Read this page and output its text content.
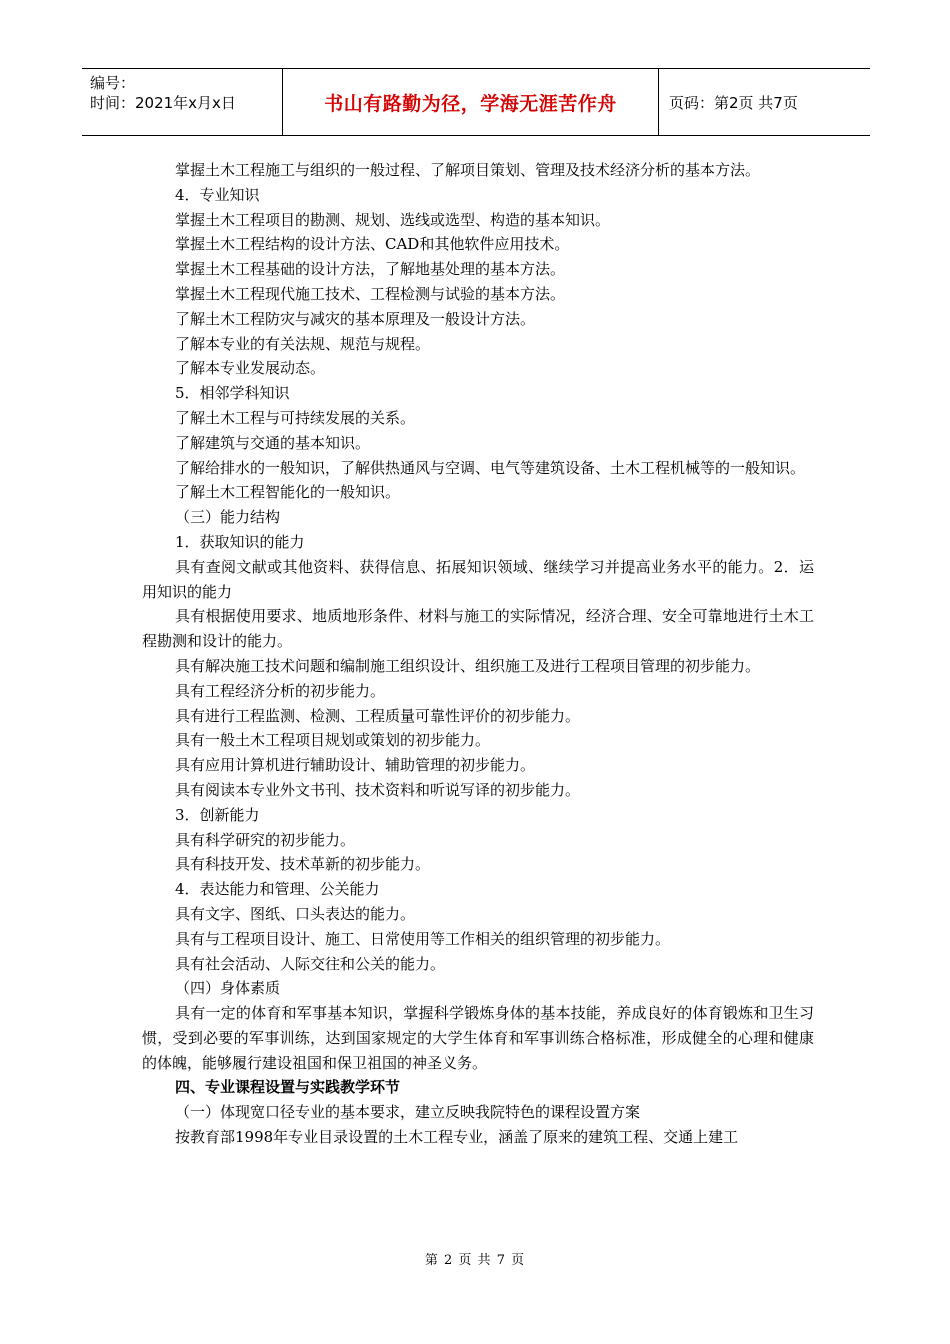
编号：
时间：2021年x月x日	书山有路勤为径，学海无涯苦作舟	页码：第2页 共7页

掌握土木工程施工与组织的一般过程、了解项目策划、管理及技术经济分析的基本方法。

4．专业知识

掌握土木工程项目的勘测、规划、选线或选型、构造的基本知识。

掌握土木工程结构的设计方法、CAD和其他软件应用技术。

掌握土木工程基础的设计方法，了解地基处理的基本方法。

掌握土木工程现代施工技术、工程检测与试验的基本方法。

了解土木工程防灾与减灾的基本原理及一般设计方法。

了解本专业的有关法规、规范与规程。

了解本专业发展动态。

5．相邻学科知识

了解土木工程与可持续发展的关系。

了解建筑与交通的基本知识。

了解给排水的一般知识，了解供热通风与空调、电气等建筑设备、土木工程机械等的一般知识。

了解土木工程智能化的一般知识。

（三）能力结构

1．获取知识的能力

具有查阅文献或其他资料、获得信息、拓展知识领域、继续学习并提高业务水平的能力。2．运用知识的能力

具有根据使用要求、地质地形条件、材料与施工的实际情况，经济合理、安全可靠地进行土木工程勘测和设计的能力。

具有解决施工技术问题和编制施工组织设计、组织施工及进行工程项目管理的初步能力。

具有工程经济分析的初步能力。

具有进行工程监测、检测、工程质量可靠性评价的初步能力。

具有一般土木工程项目规划或策划的初步能力。

具有应用计算机进行辅助设计、辅助管理的初步能力。

具有阅读本专业外文书刊、技术资料和听说写译的初步能力。

3．创新能力

具有科学研究的初步能力。

具有科技开发、技术革新的初步能力。

4．表达能力和管理、公关能力

具有文字、图纸、口头表达的能力。

具有与工程项目设计、施工、日常使用等工作相关的组织管理的初步能力。

具有社会活动、人际交往和公关的能力。

（四）身体素质

具有一定的体育和军事基本知识，掌握科学锻炼身体的基本技能，养成良好的体育锻炼和卫生习惯，受到必要的军事训练，达到国家规定的大学生体育和军事训练合格标准，形成健全的心理和健康的体魄，能够履行建设祖国和保卫祖国的神圣义务。

四、专业课程设置与实践教学环节

（一）体现宽口径专业的基本要求，建立反映我院特色的课程设置方案

按教育部1998年专业目录设置的土木工程专业，涵盖了原来的建筑工程、交通上建工

第 2 页 共 7 页
